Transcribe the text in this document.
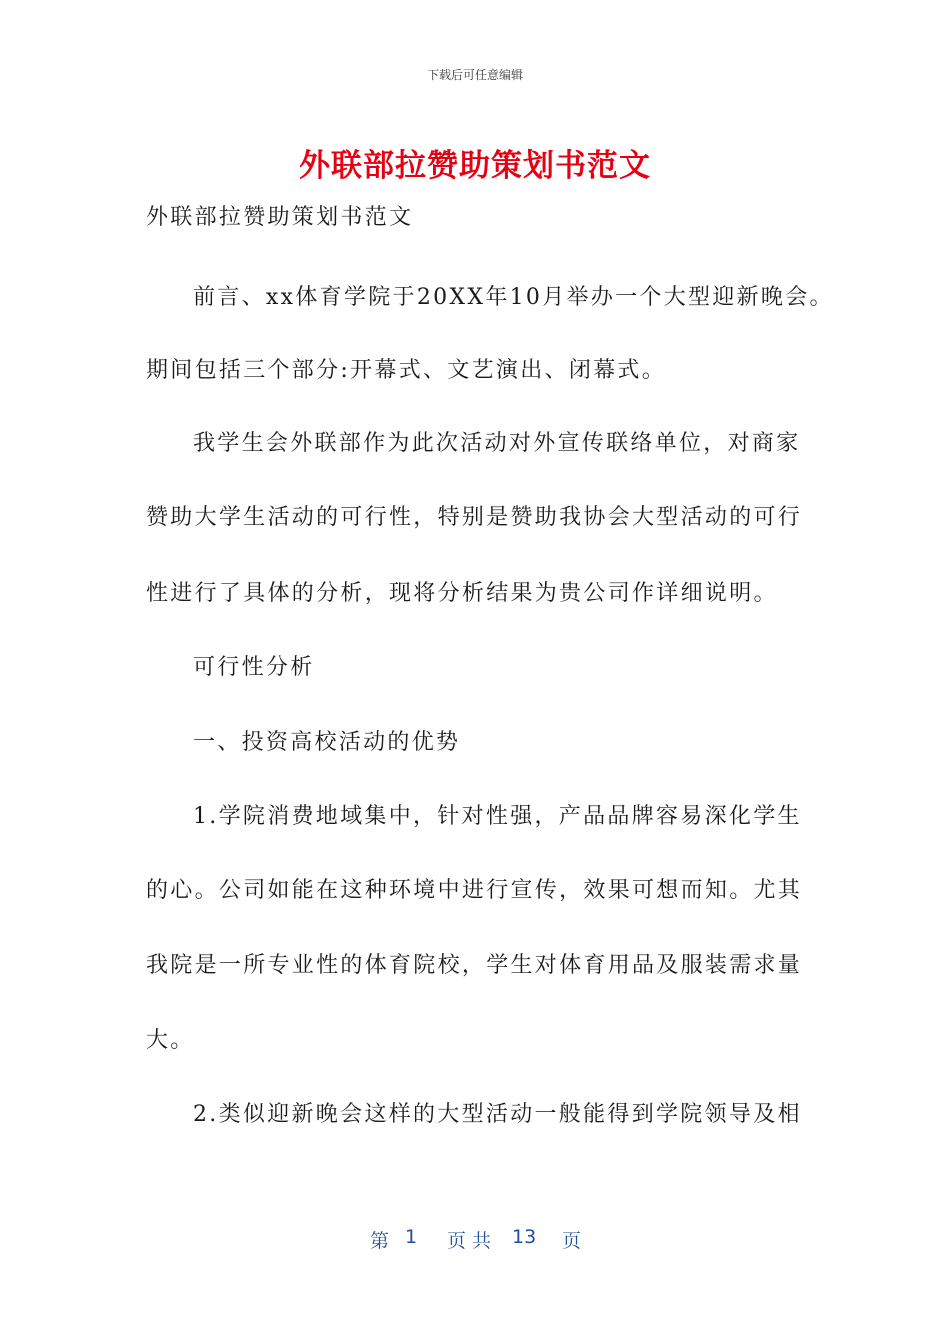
下载后可任意编辑
外联部拉赞助策划书范文
外联部拉赞助策划书范文
前言、xx体育学院于20XX年10月举办一个大型迎新晚会。
期间包括三个部分:开幕式、文艺演出、闭幕式。
我学生会外联部作为此次活动对外宣传联络单位，对商家
赞助大学生活动的可行性，特别是赞助我协会大型活动的可行
性进行了具体的分析，现将分析结果为贵公司作详细说明。
可行性分析
一、投资高校活动的优势
1.学院消费地域集中，针对性强，产品品牌容易深化学生
的心。公司如能在这种环境中进行宣传，效果可想而知。尤其
我院是一所专业性的体育院校，学生对体育用品及服装需求量
大。
2.类似迎新晚会这样的大型活动一般能得到学院领导及相
第 1 页 共 13 页
